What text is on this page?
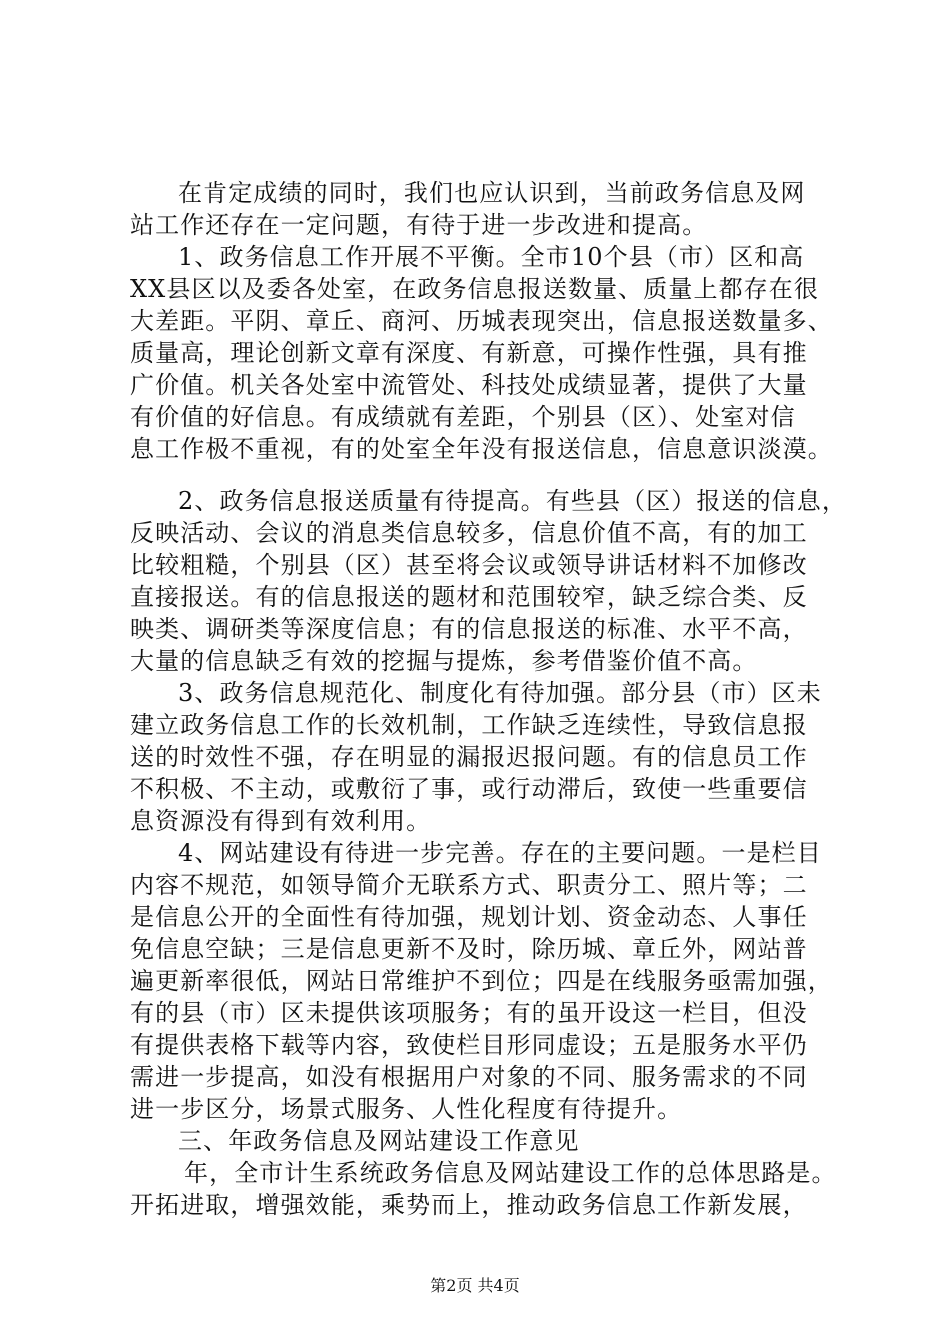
在肯定成绩的同时，我们也应认识到，当前政务信息及网
站工作还存在一定问题，有待于进一步改进和提高。
1、政务信息工作开展不平衡。全市10个县（市）区和高
XX县区以及委各处室，在政务信息报送数量、质量上都存在很
大差距。平阴、章丘、商河、历城表现突出，信息报送数量多、
质量高，理论创新文章有深度、有新意，可操作性强，具有推
广价值。机关各处室中流管处、科技处成绩显著，提供了大量
有价值的好信息。有成绩就有差距，个别县（区）、处室对信
息工作极不重视，有的处室全年没有报送信息，信息意识淡漠。
2、政务信息报送质量有待提高。有些县（区）报送的信息，
反映活动、会议的消息类信息较多，信息价值不高，有的加工
比较粗糙，个别县（区）甚至将会议或领导讲话材料不加修改
直接报送。有的信息报送的题材和范围较窄，缺乏综合类、反
映类、调研类等深度信息；有的信息报送的标准、水平不高，
大量的信息缺乏有效的挖掘与提炼，参考借鉴价值不高。
3、政务信息规范化、制度化有待加强。部分县（市）区未
建立政务信息工作的长效机制，工作缺乏连续性，导致信息报
送的时效性不强，存在明显的漏报迟报问题。有的信息员工作
不积极、不主动，或敷衍了事，或行动滞后，致使一些重要信
息资源没有得到有效利用。
4、网站建设有待进一步完善。存在的主要问题。一是栏目
内容不规范，如领导简介无联系方式、职责分工、照片等；二
是信息公开的全面性有待加强，规划计划、资金动态、人事任
免信息空缺；三是信息更新不及时，除历城、章丘外，网站普
遍更新率很低，网站日常维护不到位；四是在线服务亟需加强，
有的县（市）区未提供该项服务；有的虽开设这一栏目，但没
有提供表格下载等内容，致使栏目形同虚设；五是服务水平仍
需进一步提高，如没有根据用户对象的不同、服务需求的不同
进一步区分，场景式服务、人性化程度有待提升。
三、年政务信息及网站建设工作意见
年，全市计生系统政务信息及网站建设工作的总体思路是。
开拓进取，增强效能，乘势而上，推动政务信息工作新发展，
第2页 共4页
